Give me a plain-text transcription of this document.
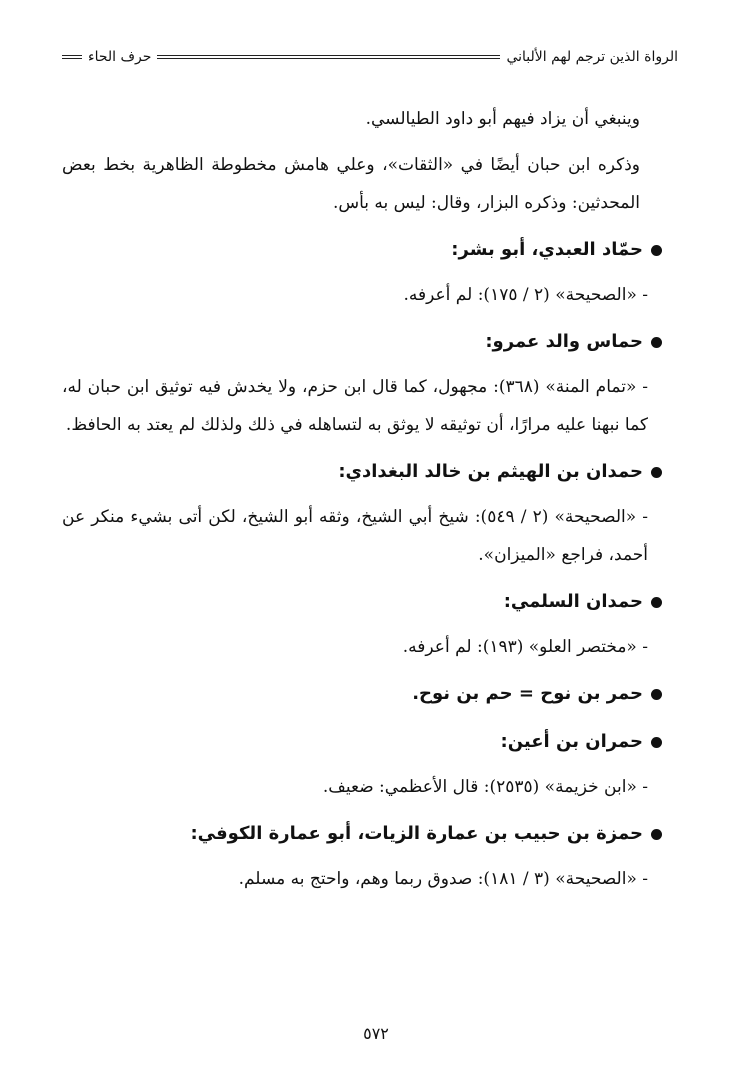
الرواة الذين ترجم لهم الألباني
حرف الحاء

وينبغي أن يزاد فيهم أبو داود الطيالسي.

وذكره ابن حبان أيضًا في «الثقات»، وعلي هامش مخطوطة الظاهرية بخط بعض المحدثين: وذكره البزار، وقال: ليس به بأس.

حمّاد العبدي، أبو بشر:

- «الصحيحة» (٢ / ١٧٥): لم أعرفه.

حماس والد عمرو:

- «تمام المنة» (٣٦٨): مجهول، كما قال ابن حزم، ولا يخدش فيه توثيق ابن حبان له، كما نبهنا عليه مرارًا، أن توثيقه لا يوثق به لتساهله في ذلك ولذلك لم يعتد به الحافظ.

حمدان بن الهيثم بن خالد البغدادي:

- «الصحيحة» (٢ / ٥٤٩): شيخ أبي الشيخ، وثقه أبو الشيخ، لكن أتى بشيء منكر عن أحمد، فراجع «الميزان».

حمدان السلمي:

- «مختصر العلو» (١٩٣): لم أعرفه.

حمر بن نوح = حم بن نوح.
حمران بن أعين:

- «ابن خزيمة» (٢٥٣٥): قال الأعظمي: ضعيف.

حمزة بن حبيب بن عمارة الزيات، أبو عمارة الكوفي:

- «الصحيحة» (٣ / ١٨١): صدوق ربما وهم، واحتج به مسلم.

٥٧٢
